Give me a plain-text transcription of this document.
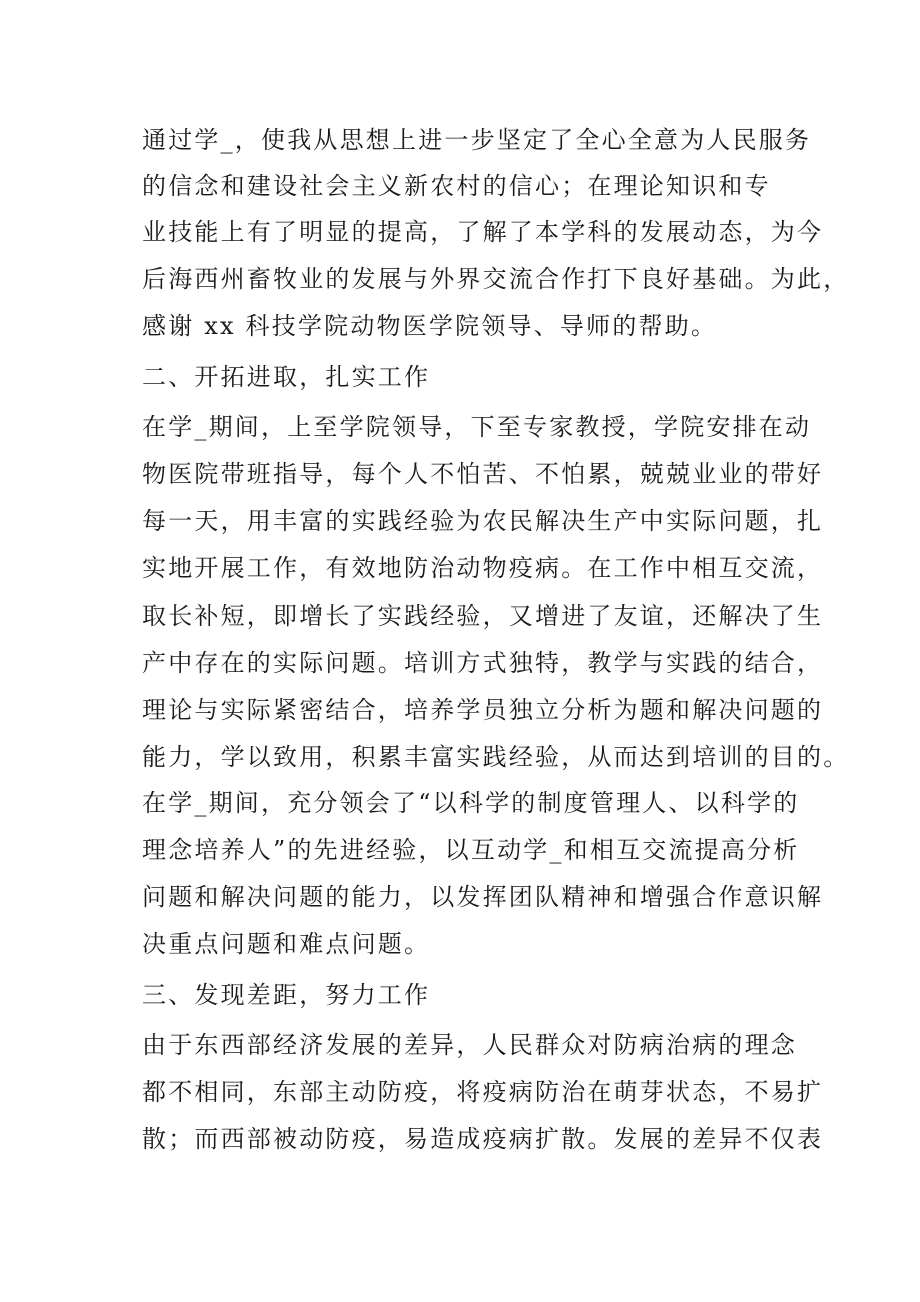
通过学_，使我从思想上进一步坚定了全心全意为人民服务
的信念和建设社会主义新农村的信心；在理论知识和专
业技能上有了明显的提高，了解了本学科的发展动态，为今
后海西州畜牧业的发展与外界交流合作打下良好基础。为此，
感谢 xx 科技学院动物医学院领导、导师的帮助。
二、开拓进取，扎实工作
在学_期间，上至学院领导，下至专家教授，学院安排在动
物医院带班指导，每个人不怕苦、不怕累，兢兢业业的带好
每一天，用丰富的实践经验为农民解决生产中实际问题，扎
实地开展工作，有效地防治动物疫病。在工作中相互交流，
取长补短，即增长了实践经验，又增进了友谊，还解决了生
产中存在的实际问题。培训方式独特，教学与实践的结合，
理论与实际紧密结合，培养学员独立分析为题和解决问题的
能力，学以致用，积累丰富实践经验，从而达到培训的目的。
在学_期间，充分领会了“以科学的制度管理人、以科学的
理念培养人”的先进经验，以互动学_和相互交流提高分析
问题和解决问题的能力，以发挥团队精神和增强合作意识解
决重点问题和难点问题。
三、发现差距，努力工作
由于东西部经济发展的差异，人民群众对防病治病的理念
都不相同，东部主动防疫，将疫病防治在萌芽状态，不易扩
散；而西部被动防疫，易造成疫病扩散。发展的差异不仅表
